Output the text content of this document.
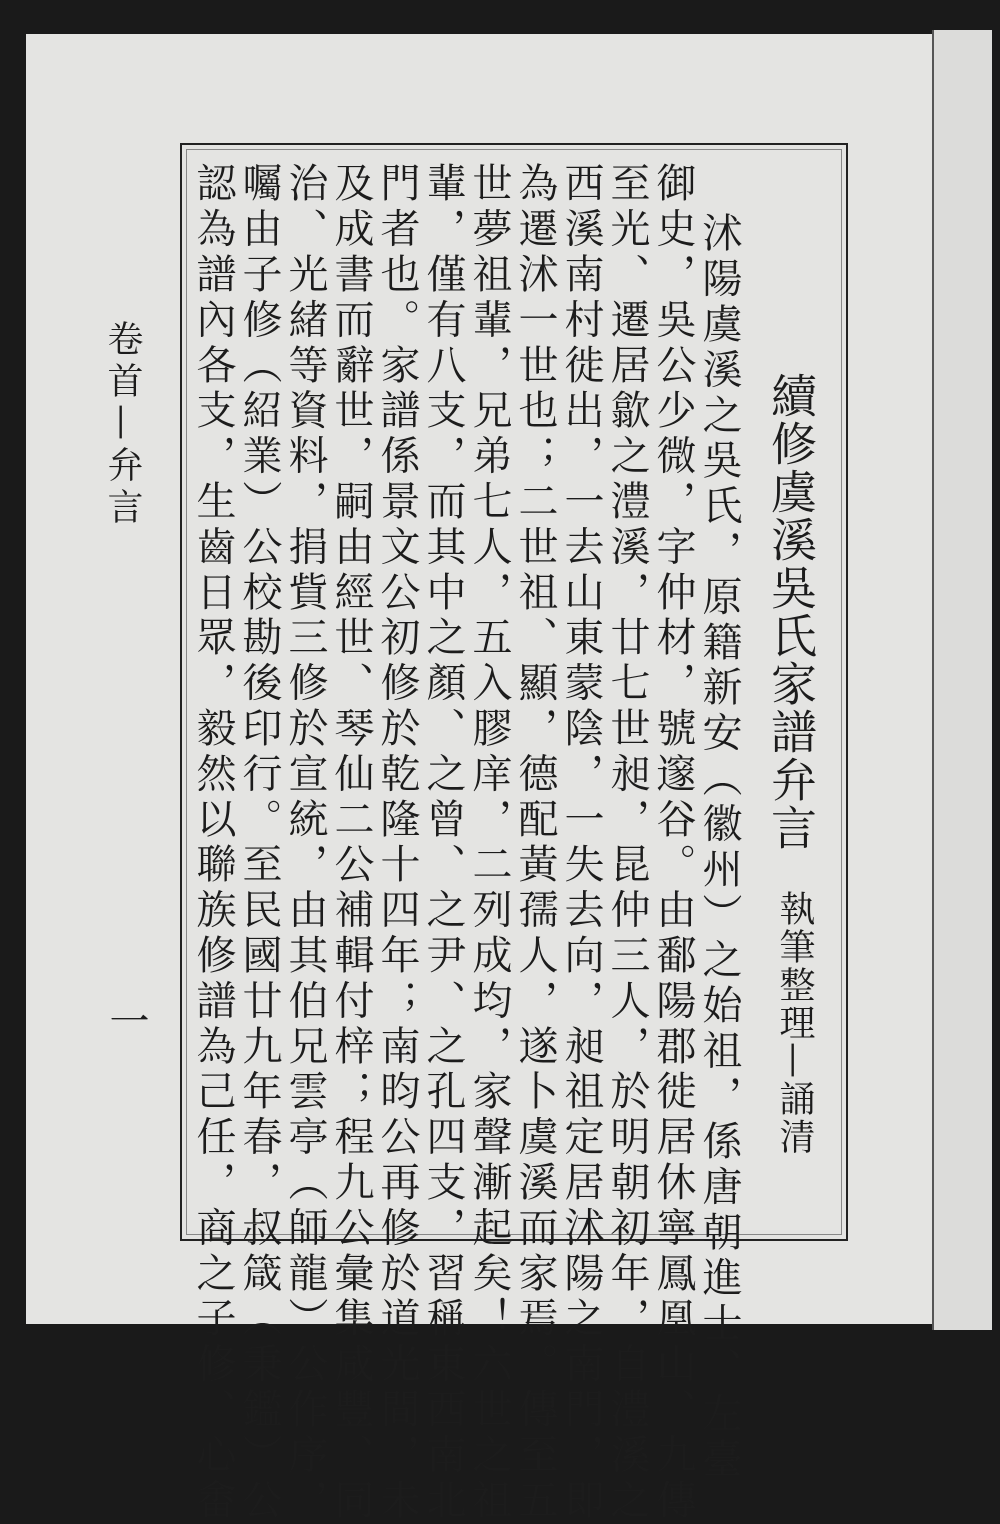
續修虞溪吳氏家譜弁言
執筆整理—誦清
沭陽虞溪之吳氏，原籍新安（徽州）之始祖，係唐朝進士、左臺
御史，吳公少微，字仲材，號邃谷。由鄱陽郡徙居休寧鳳凰山、九傳
至光、遷居歙之澧溪，廿七世昶，昆仲三人，於明朝初年，自澧溪之
西溪南村徙出，一去山東蒙陰，一失去向，昶祖定居沭陽之南門，即
為遷沭一世也；二世祖、顯，德配黃孺人，遂卜虞溪而家焉。傳至五
世夢祖輩，兄弟七人，五入膠庠，二列成均，家聲漸起矣！六世之祖
輩，僅有八支，而其中之顏、之曾、之尹、之孔四支，習稱東西南北
門者也。家譜係景文公初修於乾隆十四年；南昀公再修於道光間，未
及成書而辭世，嗣由經世、琴仙二公補輯付梓；程九公彙集咸豐、同
治、光緒等資料，捐貲三修於宣統，由其伯兄雲亭（師龍）公作序，
囑由子修（紹業）公校勘後印行。至民國廿九年春，叔箴（秉鑑）公
認為譜內各支，生齒日眾，毅然以聯族修譜為己任，商之子修、心畬
卷首—弁言
一
